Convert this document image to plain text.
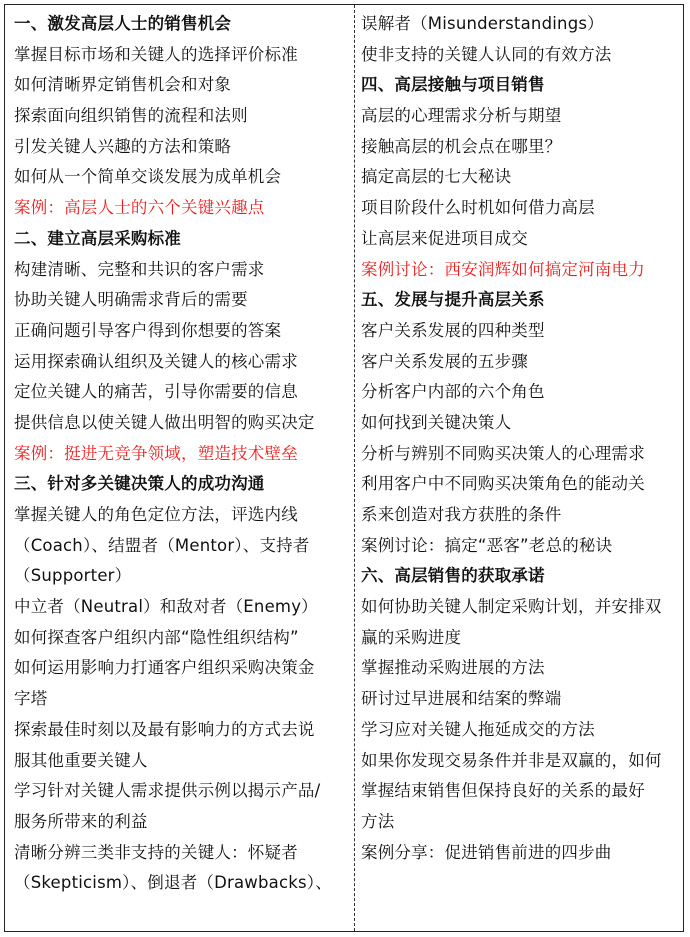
一、激发高层人士的销售机会
掌握目标市场和关键人的选择评价标准
如何清晰界定销售机会和对象
探索面向组织销售的流程和法则
引发关键人兴趣的方法和策略
如何从一个简单交谈发展为成单机会
案例：高层人士的六个关键兴趣点
二、建立高层采购标准
构建清晰、完整和共识的客户需求
协助关键人明确需求背后的需要
正确问题引导客户得到你想要的答案
运用探索确认组织及关键人的核心需求
定位关键人的痛苦，引导你需要的信息
提供信息以使关键人做出明智的购买决定
案例：挺进无竞争领域，塑造技术壁垒
三、针对多关键决策人的成功沟通
掌握关键人的角色定位方法，评选内线
（Coach）、结盟者（Mentor）、支持者
（Supporter）
中立者（Neutral）和敌对者（Enemy）
如何探查客户组织内部“隐性组织结构”
如何运用影响力打通客户组织采购决策金
字塔
探索最佳时刻以及最有影响力的方式去说
服其他重要关键人
学习针对关键人需求提供示例以揭示产品/
服务所带来的利益
清晰分辨三类非支持的关键人：怀疑者
（Skepticism）、倒退者（Drawbacks）、
误解者（Misunderstandings）
使非支持的关键人认同的有效方法
四、高层接触与项目销售
高层的心理需求分析与期望
接触高层的机会点在哪里？
搞定高层的七大秘诀
项目阶段什么时机如何借力高层
让高层来促进项目成交
案例讨论：西安润辉如何搞定河南电力
五、发展与提升高层关系
客户关系发展的四种类型
客户关系发展的五步骤
分析客户内部的六个角色
如何找到关键决策人
分析与辨别不同购买决策人的心理需求
利用客户中不同购买决策角色的能动关
系来创造对我方获胜的条件
案例讨论：搞定“恶客”老总的秘诀
六、高层销售的获取承诺
如何协助关键人制定采购计划，并安排双
赢的采购进度
掌握推动采购进展的方法
研讨过早进展和结案的弊端
学习应对关键人拖延成交的方法
如果你发现交易条件并非是双赢的，如何
掌握结束销售但保持良好的关系的最好
方法
案例分享：促进销售前进的四步曲
